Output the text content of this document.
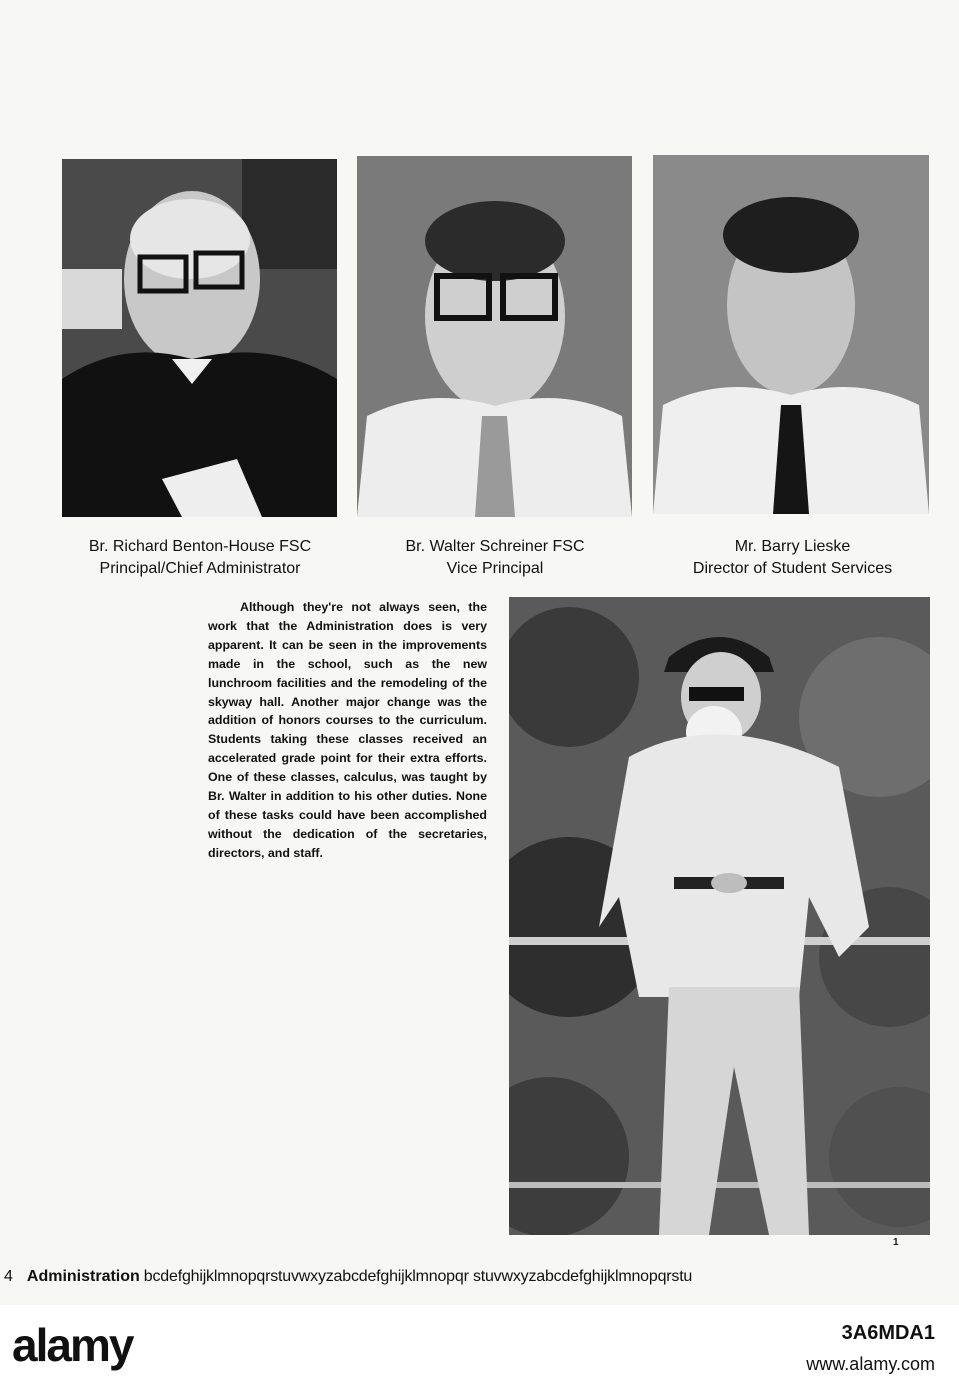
Br. Richard Benton-House FSC
Principal/Chief Administrator
Br. Walter Schreiner FSC
Vice Principal
Mr. Barry Lieske
Director of Student Services
Although they're not always seen, the work that the Administration does is very apparent. It can be seen in the improvements made in the school, such as the new lunchroom facilities and the remodeling of the skyway hall. Another major change was the addition of honors courses to the curriculum. Students taking these classes received an accelerated grade point for their extra efforts. One of these classes, calculus, was taught by Br. Walter in addition to his other duties. None of these tasks could have been accomplished without the dedication of the secretaries, directors, and staff.
1
4 Administration bcdefghijklmnopqrstuvwxyzabcdefghijklmnopqr stuvwxyzabcdefghijklmnopqrstu
alamy	3A6MDA1
www.alamy.com
